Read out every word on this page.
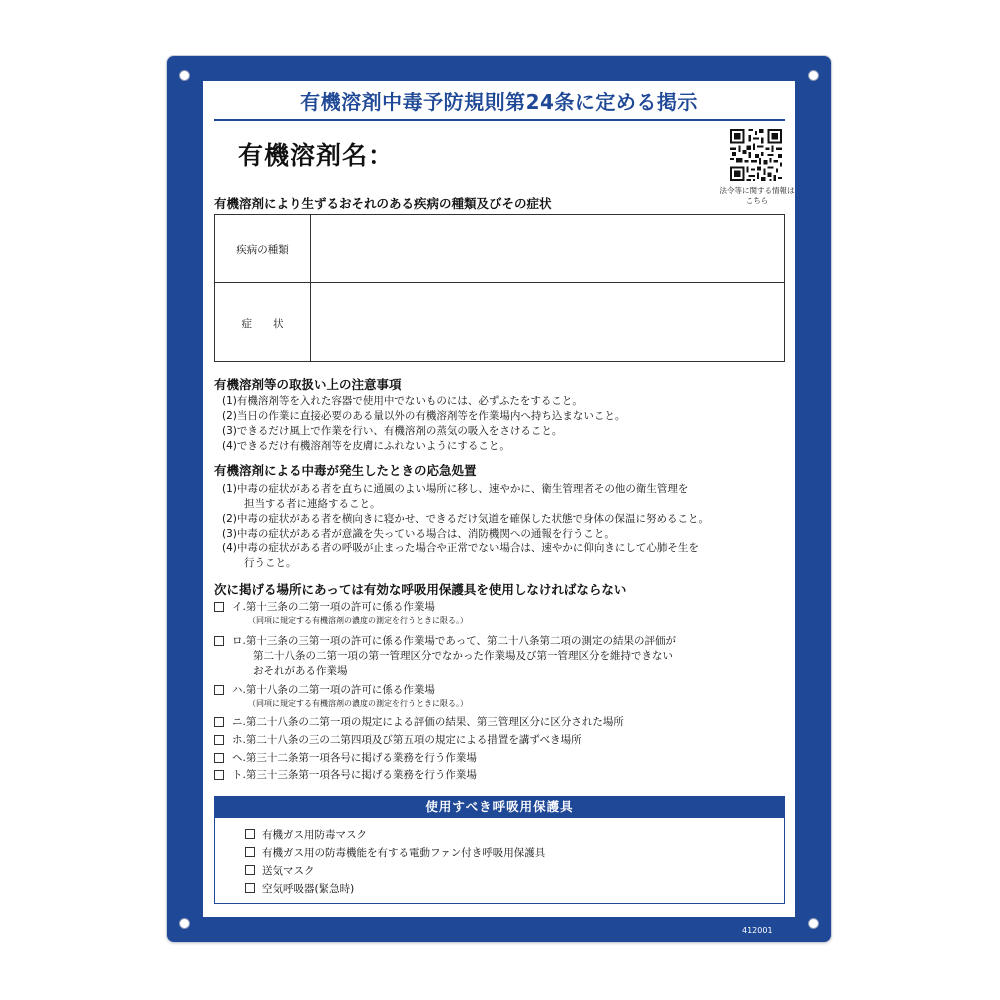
有機溶剤中毒予防規則第24条に定める掲示
有機溶剤名：
法令等に関する情報はこちら
有機溶剤により生ずるおそれのある疾病の種類及びその症状
疾病の種類
症　　状
有機溶剤等の取扱い上の注意事項
(1)有機溶剤等を入れた容器で使用中でないものには、必ずふたをすること。
(2)当日の作業に直接必要のある量以外の有機溶剤等を作業場内へ持ち込まないこと。
(3)できるだけ風上で作業を行い、有機溶剤の蒸気の吸入をさけること。
(4)できるだけ有機溶剤等を皮膚にふれないようにすること。
有機溶剤による中毒が発生したときの応急処置
(1)中毒の症状がある者を直ちに通風のよい場所に移し、速やかに、衛生管理者その他の衛生管理を
担当する者に連絡すること。
(2)中毒の症状がある者を横向きに寝かせ、できるだけ気道を確保した状態で身体の保温に努めること。
(3)中毒の症状がある者が意識を失っている場合は、消防機関への通報を行うこと。
(4)中毒の症状がある者の呼吸が止まった場合や正常でない場合は、速やかに仰向きにして心肺そ生を
行うこと。
次に掲げる場所にあっては有効な呼吸用保護具を使用しなければならない
イ.第十三条の二第一項の許可に係る作業場
（同項に規定する有機溶剤の濃度の測定を行うときに限る。）
ロ.第十三条の三第一項の許可に係る作業場であって、第二十八条第二項の測定の結果の評価が
第二十八条の二第一項の第一管理区分でなかった作業場及び第一管理区分を維持できない
おそれがある作業場
ハ.第十八条の二第一項の許可に係る作業場
（同項に規定する有機溶剤の濃度の測定を行うときに限る。）
ニ.第二十八条の二第一項の規定による評価の結果、第三管理区分に区分された場所
ホ.第二十八条の三の二第四項及び第五項の規定による措置を講ずべき場所
ヘ.第三十二条第一項各号に掲げる業務を行う作業場
ト.第三十三条第一項各号に掲げる業務を行う作業場
使用すべき呼吸用保護具
有機ガス用防毒マスク
有機ガス用の防毒機能を有する電動ファン付き呼吸用保護具
送気マスク
空気呼吸器(緊急時)
412001
